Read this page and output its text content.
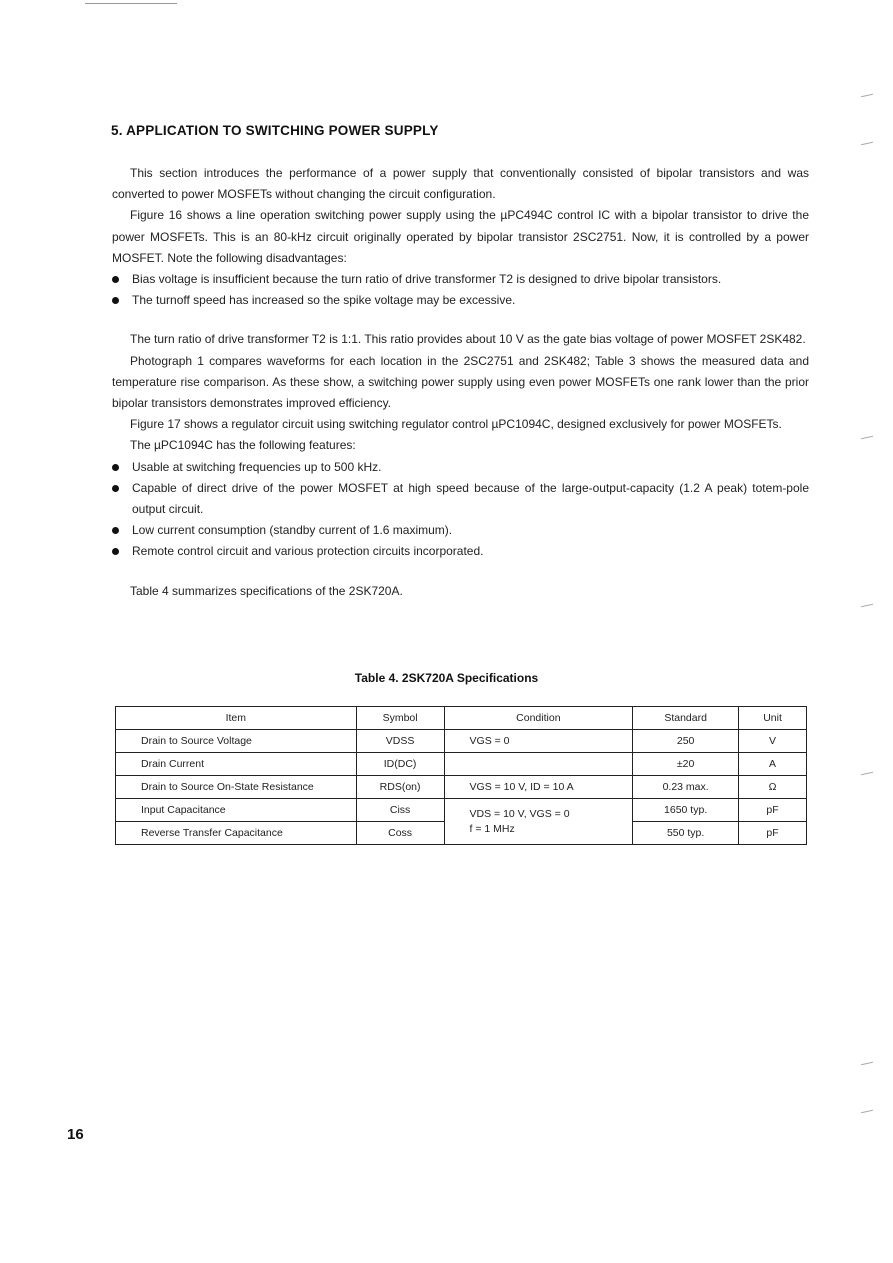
5. APPLICATION TO SWITCHING POWER SUPPLY

This section introduces the performance of a power supply that conventionally consisted of bipolar transistors and was converted to power MOSFETs without changing the circuit configuration.

Figure 16 shows a line operation switching power supply using the µPC494C control IC with a bipolar transistor to drive the power MOSFETs. This is an 80-kHz circuit originally operated by bipolar transistor 2SC2751. Now, it is controlled by a power MOSFET. Note the following disadvantages:

Bias voltage is insufficient because the turn ratio of drive transformer T2 is designed to drive bipolar transistors.
The turnoff speed has increased so the spike voltage may be excessive.

The turn ratio of drive transformer T2 is 1:1. This ratio provides about 10 V as the gate bias voltage of power MOSFET 2SK482.

Photograph 1 compares waveforms for each location in the 2SC2751 and 2SK482; Table 3 shows the measured data and temperature rise comparison. As these show, a switching power supply using even power MOSFETs one rank lower than the prior bipolar transistors demonstrates improved efficiency.

Figure 17 shows a regulator circuit using switching regulator control µPC1094C, designed exclusively for power MOSFETs.

The µPC1094C has the following features:

Usable at switching frequencies up to 500 kHz.
Capable of direct drive of the power MOSFET at high speed because of the large-output-capacity (1.2 A peak) totem-pole output circuit.
Low current consumption (standby current of 1.6 maximum).
Remote control circuit and various protection circuits incorporated.

Table 4 summarizes specifications of the 2SK720A.

Table 4. 2SK720A Specifications
Item	Symbol	Condition	Standard	Unit
Drain to Source Voltage	VDSS	VGS = 0	250	V
Drain Current	ID(DC)		±20	A
Drain to Source On-State Resistance	RDS(on)	VGS = 10 V, ID = 10 A	0.23 max.	Ω
Input Capacitance	Ciss	VDS = 10 V, VGS = 0
f = 1 MHz	1650 typ.	pF
Reverse Transfer Capacitance	Coss		550 typ.	pF
16
